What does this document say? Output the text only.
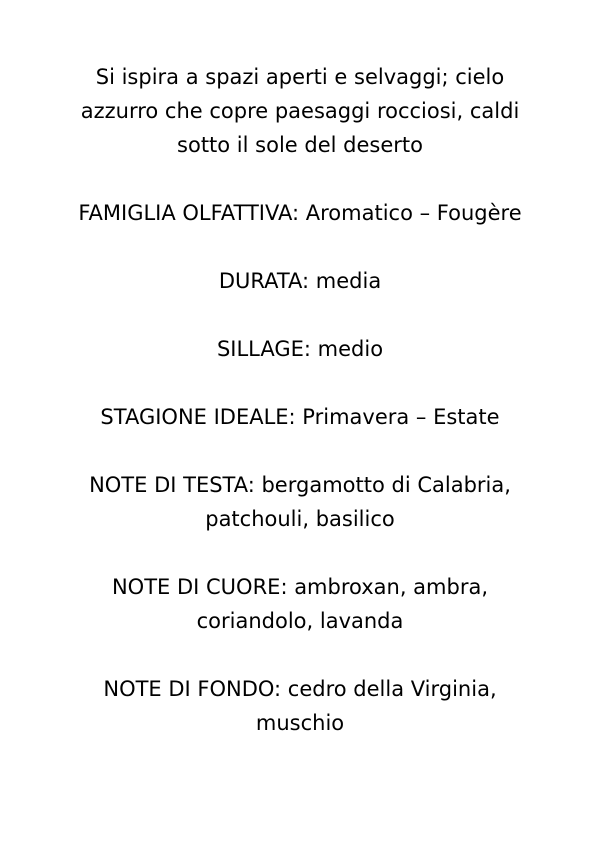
Si ispira a spazi aperti e selvaggi; cielo
azzurro che copre paesaggi rocciosi, caldi
sotto il sole del deserto

FAMIGLIA OLFATTIVA: Aromatico – Fougère

DURATA: media

SILLAGE: medio

STAGIONE IDEALE: Primavera – Estate

NOTE DI TESTA: bergamotto di Calabria,
patchouli, basilico

NOTE DI CUORE: ambroxan, ambra,
coriandolo, lavanda

NOTE DI FONDO: cedro della Virginia,
muschio
